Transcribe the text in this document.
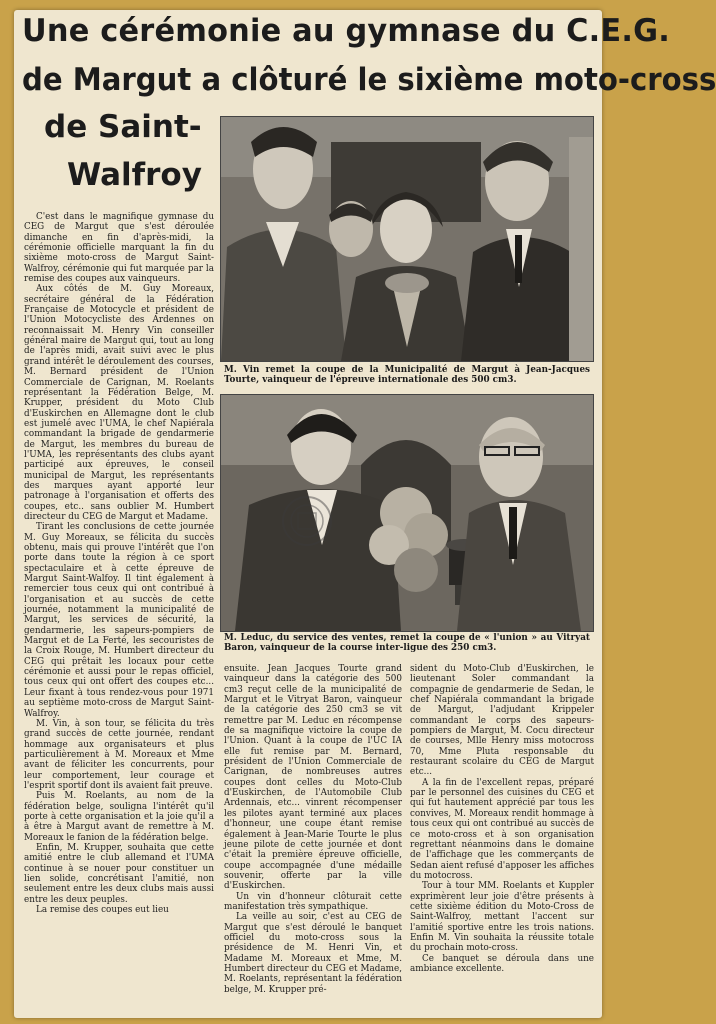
Une cérémonie au gymnase du C.E.G.
de Margut a clôturé le sixième moto-cross
de Saint-
Walfroy
M. Vin remet la coupe de la Municipalité de Margut à Jean-Jacques Tourte, vainqueur de l'épreuve internationale des 500 cm3.
M. Leduc, du service des ventes, remet la coupe de « l'union » au Vitryat Baron, vainqueur de la course inter-ligue des 250 cm3.

C'est dans le magnifique gymnase du CEG de Margut que s'est déroulée dimanche en fin d'après-midi, la cérémonie officielle marquant la fin du sixième moto-cross de Margut Saint-Walfroy, cérémonie qui fut marquée par la remise des coupes aux vainqueurs.

Aux côtés de M. Guy Moreaux, secrétaire général de la Fédération Française de Motocycle et président de l'Union Motocycliste des Ardennes on reconnaissait M. Henry Vin conseiller général maire de Margut qui, tout au long de l'après midi, avait suivi avec le plus grand intérêt le déroulement des courses, M. Bernard président de l'Union Commerciale de Carignan, M. Roelants représentant la Fédération Belge, M. Krupper, président du Moto Club d'Euskirchen en Allemagne dont le club est jumelé avec l'UMA, le chef Napiérala commandant la brigade de gendarmerie de Margut, les membres du bureau de l'UMA, les représentants des clubs ayant participé aux épreuves, le conseil municipal de Margut, les représentants des marques ayant apporté leur patronage à l'organisation et offerts des coupes, etc.. sans oublier M. Humbert directeur du CEG de Margut et Madame.

Tirant les conclusions de cette journée M. Guy Moreaux, se félicita du succès obtenu, mais qui prouve l'intérêt que l'on porte dans toute la région à ce sport spectaculaire et à cette épreuve de Margut Saint-Walfoy. Il tint également à remercier tous ceux qui ont contribué à l'organisation et au succès de cette journée, notamment la municipalité de Margut, les services de sécurité, la gendarmerie, les sapeurs-pompiers de Margut et de La Ferté, les secouristes de la Croix Rouge, M. Humbert directeur du CEG qui prêtait les locaux pour cette cérémonie et aussi pour le repas officiel, tous ceux qui ont offert des coupes etc... Leur fixant à tous rendez-vous pour 1971 au septième moto-cross de Margut Saint-Walfroy.

M. Vin, à son tour, se félicita du très grand succès de cette journée, rendant hommage aux organisateurs et plus particulièrement à M. Moreaux et Mme avant de féliciter les concurrents, pour leur comportement, leur courage et l'esprit sportif dont ils avaient fait preuve.

Puis M. Roelants, au nom de la fédération belge, souligna l'intérêt qu'il porte à cette organisation et la joie qu'il a à être à Margut avant de remettre à M. Moreaux le fanion de la fédération belge.

Enfin, M. Krupper, souhaita que cette amitié entre le club allemand et l'UMA continue à se nouer pour constituer un lien solide, concrétisant l'amitié, non seulement entre les deux clubs mais aussi entre les deux peuples.

La remise des coupes eut lieu

ensuite. Jean Jacques Tourte grand vainqueur dans la catégorie des 500 cm3 reçut celle de la municipalité de Margut et le Vitryat Baron, vainqueur de la catégorie des 250 cm3 se vit remettre par M. Leduc en récompense de sa magnifique victoire la coupe de l'Union. Quant à la coupe de l'UC IA elle fut remise par M. Bernard, président de l'Union Commerciale de Carignan, de nombreuses autres coupes dont celles du Moto-Club d'Euskirchen, de l'Automobile Club Ardennais, etc... vinrent récompenser les pilotes ayant terminé aux places d'honneur, une coupe étant remise également à Jean-Marie Tourte le plus jeune pilote de cette journée et dont c'était la première épreuve officielle, coupe accompagnée d'une médaille souvenir, offerte par la ville d'Euskirchen.

Un vin d'honneur clôturait cette manifestation très sympathique.

La veille au soir, c'est au CEG de Margut que s'est déroulé le banquet officiel du moto-cross sous la présidence de M. Henri Vin, et Madame M. Moreaux et Mme, M. Humbert directeur du CEG et Madame, M. Roelants, représentant la fédération belge, M. Krupper pré-

sident du Moto-Club d'Euskirchen, le lieutenant Soler commandant la compagnie de gendarmerie de Sedan, le chef Napiérala commandant la brigade de Margut, l'adjudant Krippeler commandant le corps des sapeurs-pompiers de Margut, M. Cocu directeur de courses, Mlle Henry miss motocross 70, Mme Pluta responsable du restaurant scolaire du CEG de Margut etc...

A la fin de l'excellent repas, préparé par le personnel des cuisines du CEG et qui fut hautement apprécié par tous les convives, M. Moreaux rendit hommage à tous ceux qui ont contribué au succès de ce moto-cross et à son organisation regrettant néanmoins dans le domaine de l'affichage que les commerçants de Sedan aient refusé d'apposer les affiches du motocross.

Tour à tour MM. Roelants et Kuppler exprimèrent leur joie d'être présents à cette sixième édition du Moto-Cross de Saint-Walfroy, mettant l'accent sur l'amitié sportive entre les trois nations. Enfin M. Vin souhaita la réussite totale du prochain moto-cross.

Ce banquet se déroula dans une ambiance excellente.
